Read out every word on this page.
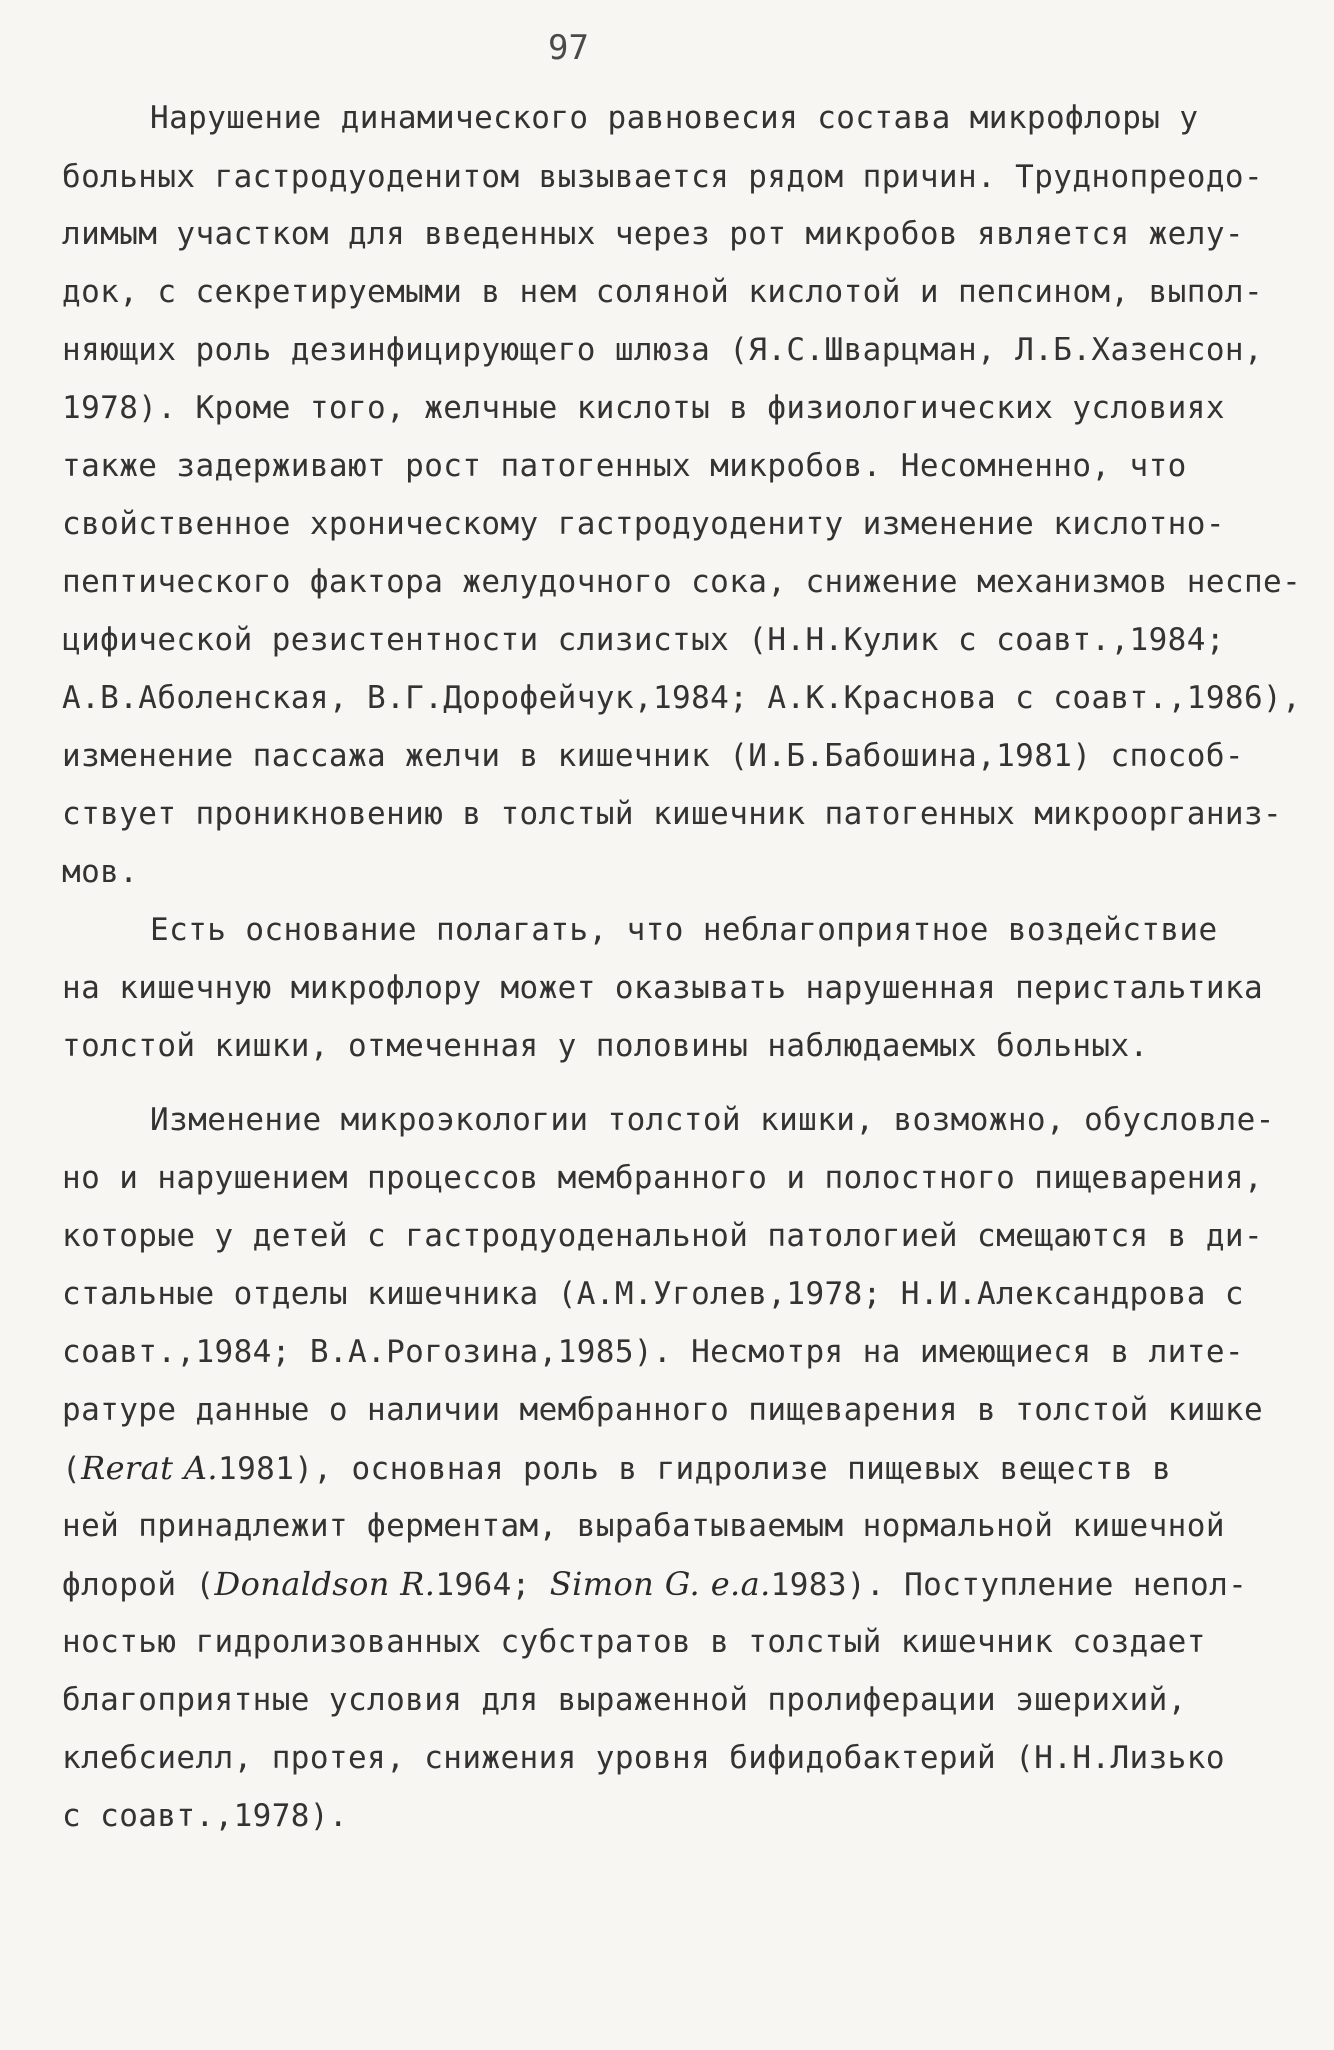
97
Нарушение динамического равновесия состава микрофлоры у
больных гастродуоденитом вызывается рядом причин. Труднопреодо-
лимым участком для введенных через рот микробов является желу-
док, с секретируемыми в нем соляной кислотой и пепсином, выпол-
няющих роль дезинфицирующего шлюза (Я.С.Шварцман, Л.Б.Хазенсон,
1978). Кроме того, желчные кислоты в физиологических условиях
также задерживают рост патогенных микробов. Несомненно, что
свойственное хроническому гастродуодениту изменение кислотно-
пептического фактора желудочного сока, снижение механизмов неспе-
цифической резистентности слизистых (Н.Н.Кулик с соавт.,1984;
А.В.Аболенская, В.Г.Дорофейчук,1984; А.К.Краснова с соавт.,1986),
изменение пассажа желчи в кишечник (И.Б.Бабошина,1981) способ-
ствует проникновению в толстый кишечник патогенных микроорганиз-
мов.
Есть основание полагать, что неблагоприятное воздействие
на кишечную микрофлору может оказывать нарушенная перистальтика
толстой кишки, отмеченная у половины наблюдаемых больных.
Изменение микроэкологии толстой кишки, возможно, обусловле-
но и нарушением процессов мембранного и полостного пищеварения,
которые у детей с гастродуоденальной патологией смещаются в ди-
стальные отделы кишечника (А.М.Уголев,1978; Н.И.Александрова с
соавт.,1984; В.А.Рогозина,1985). Несмотря на имеющиеся в лите-
ратуре данные о наличии мембранного пищеварения в толстой кишке
(Rerat A.1981), основная роль в гидролизе пищевых веществ в
ней принадлежит ферментам, вырабатываемым нормальной кишечной
флорой (Donaldson R.1964; Simon G. e.a.1983). Поступление непол-
ностью гидролизованных субстратов в толстый кишечник создает
благоприятные условия для выраженной пролиферации эшерихий,
клебсиелл, протея, снижения уровня бифидобактерий (Н.Н.Лизько
с соавт.,1978).
